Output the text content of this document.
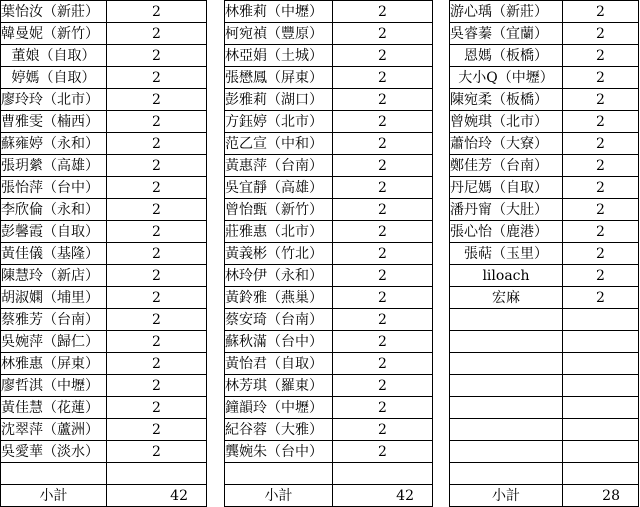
葉怡汝（新莊）	2
韓曼妮（新竹）	2
董娘（自取）	2
婷媽（自取）	2
廖玲玲（北市）	2
曹雅雯（楠西）	2
蘇雍婷（永和）	2
張玥縈（高雄）	2
張怡萍（台中）	2
李欣倫（永和）	2
彭馨霞（自取）	2
黃佳儀（基隆）	2
陳慧玲（新店）	2
胡淑嫻（埔里）	2
蔡雅芳（台南）	2
吳婉萍（歸仁）	2
林雅惠（屏東）	2
廖哲淇（中壢）	2
黃佳慧（花蓮）	2
沈翠萍（蘆洲）	2
吳愛華（淡水）	2

小計	42
林雅莉（中壢）	2
柯宛禎（豐原）	2
林亞娟（土城）	2
張懋鳳（屏東）	2
彭雅莉（湖口）	2
方鈺婷（北市）	2
范乙宣（中和）	2
黃惠萍（台南）	2
吳宜靜（高雄）	2
曾怡甄（新竹）	2
莊雅惠（北市）	2
黃義彬（竹北）	2
林玲伊（永和）	2
黃鈴雅（燕巢）	2
蔡安琦（台南）	2
蘇秋滿（台中）	2
黃怡君（自取）	2
林芳琪（羅東）	2
鐘韻玲（中壢）	2
紀谷蓉（大雅）	2
龔婉朱（台中）	2

小計	42
游心瑀（新莊）	2
吳睿蓁（宜蘭）	2
恩媽（板橋）	2
大小Q（中壢）	2
陳宛柔（板橋）	2
曾婉琪（北市）	2
蕭怡玲（大寮）	2
鄭佳芳（台南）	2
丹尼媽（自取）	2
潘丹甯（大肚）	2
張心怡（鹿港）	2
張萜（玉里）	2
liloach	2
宏麻	2

小計	28
